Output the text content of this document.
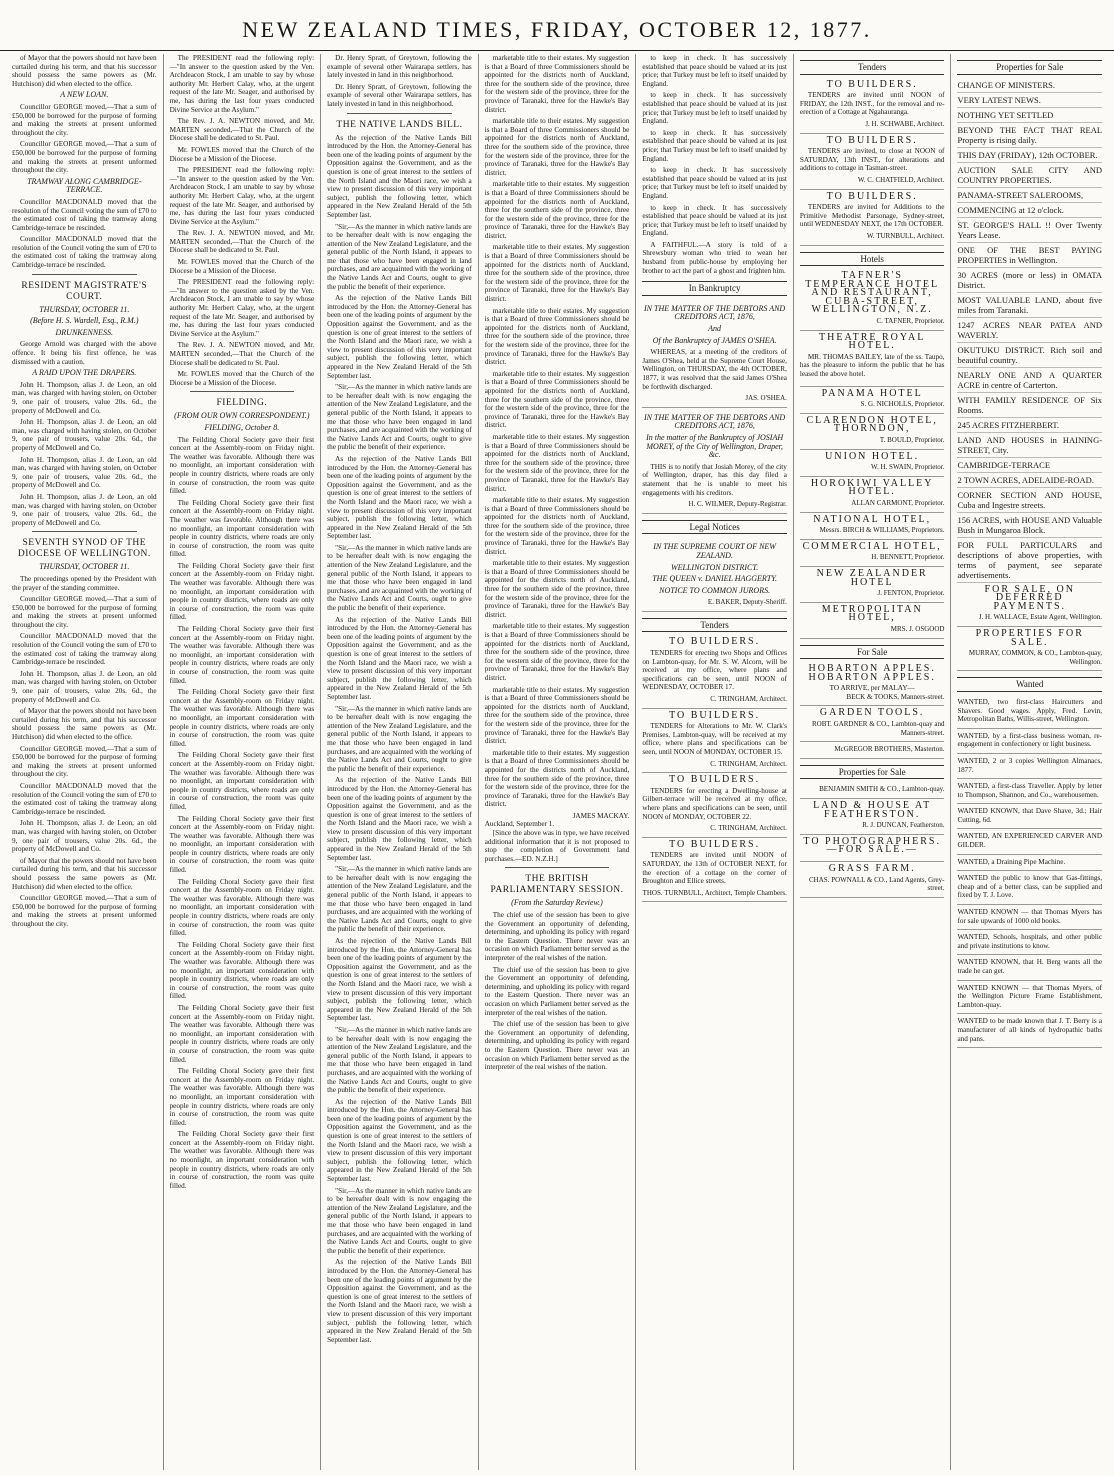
NEW ZEALAND TIMES, FRIDAY, OCTOBER 12, 1877.

of Mayor that the powers should not have been curtailed during his term, and that his successor should possess the same powers as (Mr. Hutchison) did when elected to the office.

A NEW LOAN.

Councillor GEORGE moved,—That a sum of £50,000 be borrowed for the purpose of forming and making the streets at present unformed throughout the city.

Councillor GEORGE moved,—That a sum of £50,000 be borrowed for the purpose of forming and making the streets at present unformed throughout the city.

TRAMWAY ALONG CAMBRIDGE-TERRACE.

Councillor MACDONALD moved that the resolution of the Council voting the sum of £70 to the estimated cost of taking the tramway along Cambridge-terrace be rescinded.

Councillor MACDONALD moved that the resolution of the Council voting the sum of £70 to the estimated cost of taking the tramway along Cambridge-terrace be rescinded.

RESIDENT MAGISTRATE'S COURT.
THURSDAY, OCTOBER 11.
(Before H. S. Wardell, Esq., R.M.)
DRUNKENNESS.

George Arnold was charged with the above offence. It being his first offence, he was dismissed with a caution.

A RAID UPON THE DRAPERS.

John H. Thompson, alias J. de Leon, an old man, was charged with having stolen, on October 9, one pair of trousers, value 20s. 6d., the property of McDowell and Co.

John H. Thompson, alias J. de Leon, an old man, was charged with having stolen, on October 9, one pair of trousers, value 20s. 6d., the property of McDowell and Co.

John H. Thompson, alias J. de Leon, an old man, was charged with having stolen, on October 9, one pair of trousers, value 20s. 6d., the property of McDowell and Co.

John H. Thompson, alias J. de Leon, an old man, was charged with having stolen, on October 9, one pair of trousers, value 20s. 6d., the property of McDowell and Co.

SEVENTH SYNOD OF THE DIOCESE OF WELLINGTON.
THURSDAY, OCTOBER 11.

The proceedings opened by the President with the prayer of the standing committee.

Councillor GEORGE moved,—That a sum of £50,000 be borrowed for the purpose of forming and making the streets at present unformed throughout the city.

Councillor MACDONALD moved that the resolution of the Council voting the sum of £70 to the estimated cost of taking the tramway along Cambridge-terrace be rescinded.

John H. Thompson, alias J. de Leon, an old man, was charged with having stolen, on October 9, one pair of trousers, value 20s. 6d., the property of McDowell and Co.

of Mayor that the powers should not have been curtailed during his term, and that his successor should possess the same powers as (Mr. Hutchison) did when elected to the office.

Councillor GEORGE moved,—That a sum of £50,000 be borrowed for the purpose of forming and making the streets at present unformed throughout the city.

Councillor MACDONALD moved that the resolution of the Council voting the sum of £70 to the estimated cost of taking the tramway along Cambridge-terrace be rescinded.

John H. Thompson, alias J. de Leon, an old man, was charged with having stolen, on October 9, one pair of trousers, value 20s. 6d., the property of McDowell and Co.

of Mayor that the powers should not have been curtailed during his term, and that his successor should possess the same powers as (Mr. Hutchison) did when elected to the office.

Councillor GEORGE moved,—That a sum of £50,000 be borrowed for the purpose of forming and making the streets at present unformed throughout the city.

The PRESIDENT read the following reply:—"In answer to the question asked by the Ven. Archdeacon Stock, I am unable to say by whose authority Mr. Herbert Calay, who, at the urgent request of the late Mr. Seager, and authorised by me, has during the last four years conducted Divine Service at the Asylum."

The Rev. J. A. NEWTON moved, and Mr. MARTEN seconded,—That the Church of the Diocese shall be dedicated to St. Paul.

Mr. FOWLES moved that the Church of the Diocese be a Mission of the Diocese.

The PRESIDENT read the following reply:—"In answer to the question asked by the Ven. Archdeacon Stock, I am unable to say by whose authority Mr. Herbert Calay, who, at the urgent request of the late Mr. Seager, and authorised by me, has during the last four years conducted Divine Service at the Asylum."

The Rev. J. A. NEWTON moved, and Mr. MARTEN seconded,—That the Church of the Diocese shall be dedicated to St. Paul.

Mr. FOWLES moved that the Church of the Diocese be a Mission of the Diocese.

The PRESIDENT read the following reply:—"In answer to the question asked by the Ven. Archdeacon Stock, I am unable to say by whose authority Mr. Herbert Calay, who, at the urgent request of the late Mr. Seager, and authorised by me, has during the last four years conducted Divine Service at the Asylum."

The Rev. J. A. NEWTON moved, and Mr. MARTEN seconded,—That the Church of the Diocese shall be dedicated to St. Paul.

Mr. FOWLES moved that the Church of the Diocese be a Mission of the Diocese.

FIELDING.
(FROM OUR OWN CORRESPONDENT.)
FIELDING, October 8.

The Feilding Choral Society gave their first concert at the Assembly-room on Friday night. The weather was favorable. Although there was no moonlight, an important consideration with people in country districts, where roads are only in course of construction, the room was quite filled.

The Feilding Choral Society gave their first concert at the Assembly-room on Friday night. The weather was favorable. Although there was no moonlight, an important consideration with people in country districts, where roads are only in course of construction, the room was quite filled.

The Feilding Choral Society gave their first concert at the Assembly-room on Friday night. The weather was favorable. Although there was no moonlight, an important consideration with people in country districts, where roads are only in course of construction, the room was quite filled.

The Feilding Choral Society gave their first concert at the Assembly-room on Friday night. The weather was favorable. Although there was no moonlight, an important consideration with people in country districts, where roads are only in course of construction, the room was quite filled.

The Feilding Choral Society gave their first concert at the Assembly-room on Friday night. The weather was favorable. Although there was no moonlight, an important consideration with people in country districts, where roads are only in course of construction, the room was quite filled.

The Feilding Choral Society gave their first concert at the Assembly-room on Friday night. The weather was favorable. Although there was no moonlight, an important consideration with people in country districts, where roads are only in course of construction, the room was quite filled.

The Feilding Choral Society gave their first concert at the Assembly-room on Friday night. The weather was favorable. Although there was no moonlight, an important consideration with people in country districts, where roads are only in course of construction, the room was quite filled.

The Feilding Choral Society gave their first concert at the Assembly-room on Friday night. The weather was favorable. Although there was no moonlight, an important consideration with people in country districts, where roads are only in course of construction, the room was quite filled.

The Feilding Choral Society gave their first concert at the Assembly-room on Friday night. The weather was favorable. Although there was no moonlight, an important consideration with people in country districts, where roads are only in course of construction, the room was quite filled.

The Feilding Choral Society gave their first concert at the Assembly-room on Friday night. The weather was favorable. Although there was no moonlight, an important consideration with people in country districts, where roads are only in course of construction, the room was quite filled.

The Feilding Choral Society gave their first concert at the Assembly-room on Friday night. The weather was favorable. Although there was no moonlight, an important consideration with people in country districts, where roads are only in course of construction, the room was quite filled.

The Feilding Choral Society gave their first concert at the Assembly-room on Friday night. The weather was favorable. Although there was no moonlight, an important consideration with people in country districts, where roads are only in course of construction, the room was quite filled.

Dr. Henry Spratt, of Greytown, following the example of several other Wairarapa settlers, has lately invested in land in this neighborhood.

Dr. Henry Spratt, of Greytown, following the example of several other Wairarapa settlers, has lately invested in land in this neighborhood.

THE NATIVE LANDS BILL.

As the rejection of the Native Lands Bill introduced by the Hon. the Attorney-General has been one of the leading points of argument by the Opposition against the Government, and as the question is one of great interest to the settlers of the North Island and the Maori race, we wish a view to present discussion of this very important subject, publish the following letter, which appeared in the New Zealand Herald of the 5th September last.

"Sir,—As the manner in which native lands are to be hereafter dealt with is now engaging the attention of the New Zealand Legislature, and the general public of the North Island, it appears to me that those who have been engaged in land purchases, and are acquainted with the working of the Native Lands Act and Courts, ought to give the public the benefit of their experience.

As the rejection of the Native Lands Bill introduced by the Hon. the Attorney-General has been one of the leading points of argument by the Opposition against the Government, and as the question is one of great interest to the settlers of the North Island and the Maori race, we wish a view to present discussion of this very important subject, publish the following letter, which appeared in the New Zealand Herald of the 5th September last.

"Sir,—As the manner in which native lands are to be hereafter dealt with is now engaging the attention of the New Zealand Legislature, and the general public of the North Island, it appears to me that those who have been engaged in land purchases, and are acquainted with the working of the Native Lands Act and Courts, ought to give the public the benefit of their experience.

As the rejection of the Native Lands Bill introduced by the Hon. the Attorney-General has been one of the leading points of argument by the Opposition against the Government, and as the question is one of great interest to the settlers of the North Island and the Maori race, we wish a view to present discussion of this very important subject, publish the following letter, which appeared in the New Zealand Herald of the 5th September last.

"Sir,—As the manner in which native lands are to be hereafter dealt with is now engaging the attention of the New Zealand Legislature, and the general public of the North Island, it appears to me that those who have been engaged in land purchases, and are acquainted with the working of the Native Lands Act and Courts, ought to give the public the benefit of their experience.

As the rejection of the Native Lands Bill introduced by the Hon. the Attorney-General has been one of the leading points of argument by the Opposition against the Government, and as the question is one of great interest to the settlers of the North Island and the Maori race, we wish a view to present discussion of this very important subject, publish the following letter, which appeared in the New Zealand Herald of the 5th September last.

"Sir,—As the manner in which native lands are to be hereafter dealt with is now engaging the attention of the New Zealand Legislature, and the general public of the North Island, it appears to me that those who have been engaged in land purchases, and are acquainted with the working of the Native Lands Act and Courts, ought to give the public the benefit of their experience.

As the rejection of the Native Lands Bill introduced by the Hon. the Attorney-General has been one of the leading points of argument by the Opposition against the Government, and as the question is one of great interest to the settlers of the North Island and the Maori race, we wish a view to present discussion of this very important subject, publish the following letter, which appeared in the New Zealand Herald of the 5th September last.

"Sir,—As the manner in which native lands are to be hereafter dealt with is now engaging the attention of the New Zealand Legislature, and the general public of the North Island, it appears to me that those who have been engaged in land purchases, and are acquainted with the working of the Native Lands Act and Courts, ought to give the public the benefit of their experience.

As the rejection of the Native Lands Bill introduced by the Hon. the Attorney-General has been one of the leading points of argument by the Opposition against the Government, and as the question is one of great interest to the settlers of the North Island and the Maori race, we wish a view to present discussion of this very important subject, publish the following letter, which appeared in the New Zealand Herald of the 5th September last.

"Sir,—As the manner in which native lands are to be hereafter dealt with is now engaging the attention of the New Zealand Legislature, and the general public of the North Island, it appears to me that those who have been engaged in land purchases, and are acquainted with the working of the Native Lands Act and Courts, ought to give the public the benefit of their experience.

As the rejection of the Native Lands Bill introduced by the Hon. the Attorney-General has been one of the leading points of argument by the Opposition against the Government, and as the question is one of great interest to the settlers of the North Island and the Maori race, we wish a view to present discussion of this very important subject, publish the following letter, which appeared in the New Zealand Herald of the 5th September last.

"Sir,—As the manner in which native lands are to be hereafter dealt with is now engaging the attention of the New Zealand Legislature, and the general public of the North Island, it appears to me that those who have been engaged in land purchases, and are acquainted with the working of the Native Lands Act and Courts, ought to give the public the benefit of their experience.

As the rejection of the Native Lands Bill introduced by the Hon. the Attorney-General has been one of the leading points of argument by the Opposition against the Government, and as the question is one of great interest to the settlers of the North Island and the Maori race, we wish a view to present discussion of this very important subject, publish the following letter, which appeared in the New Zealand Herald of the 5th September last.

marketable title to their estates. My suggestion is that a Board of three Commissioners should be appointed for the districts north of Auckland, three for the southern side of the province, three for the western side of the province, three for the province of Taranaki, three for the Hawke's Bay district.

marketable title to their estates. My suggestion is that a Board of three Commissioners should be appointed for the districts north of Auckland, three for the southern side of the province, three for the western side of the province, three for the province of Taranaki, three for the Hawke's Bay district.

marketable title to their estates. My suggestion is that a Board of three Commissioners should be appointed for the districts north of Auckland, three for the southern side of the province, three for the western side of the province, three for the province of Taranaki, three for the Hawke's Bay district.

marketable title to their estates. My suggestion is that a Board of three Commissioners should be appointed for the districts north of Auckland, three for the southern side of the province, three for the western side of the province, three for the province of Taranaki, three for the Hawke's Bay district.

marketable title to their estates. My suggestion is that a Board of three Commissioners should be appointed for the districts north of Auckland, three for the southern side of the province, three for the western side of the province, three for the province of Taranaki, three for the Hawke's Bay district.

marketable title to their estates. My suggestion is that a Board of three Commissioners should be appointed for the districts north of Auckland, three for the southern side of the province, three for the western side of the province, three for the province of Taranaki, three for the Hawke's Bay district.

marketable title to their estates. My suggestion is that a Board of three Commissioners should be appointed for the districts north of Auckland, three for the southern side of the province, three for the western side of the province, three for the province of Taranaki, three for the Hawke's Bay district.

marketable title to their estates. My suggestion is that a Board of three Commissioners should be appointed for the districts north of Auckland, three for the southern side of the province, three for the western side of the province, three for the province of Taranaki, three for the Hawke's Bay district.

marketable title to their estates. My suggestion is that a Board of three Commissioners should be appointed for the districts north of Auckland, three for the southern side of the province, three for the western side of the province, three for the province of Taranaki, three for the Hawke's Bay district.

marketable title to their estates. My suggestion is that a Board of three Commissioners should be appointed for the districts north of Auckland, three for the southern side of the province, three for the western side of the province, three for the province of Taranaki, three for the Hawke's Bay district.

marketable title to their estates. My suggestion is that a Board of three Commissioners should be appointed for the districts north of Auckland, three for the southern side of the province, three for the western side of the province, three for the province of Taranaki, three for the Hawke's Bay district.

marketable title to their estates. My suggestion is that a Board of three Commissioners should be appointed for the districts north of Auckland, three for the southern side of the province, three for the western side of the province, three for the province of Taranaki, three for the Hawke's Bay district.

JAMES MACKAY.
Auckland, September 1.

[Since the above was in type, we have received additional information that it is not proposed to stop the completion of Government land purchases.—ED. N.Z.H.]

THE BRITISH PARLIAMENTARY SESSION.
(From the Saturday Review.)

The chief use of the session has been to give the Government an opportunity of defending, determining, and upholding its policy with regard to the Eastern Question. There never was an occasion on which Parliament better served as the interpreter of the real wishes of the nation.

The chief use of the session has been to give the Government an opportunity of defending, determining, and upholding its policy with regard to the Eastern Question. There never was an occasion on which Parliament better served as the interpreter of the real wishes of the nation.

The chief use of the session has been to give the Government an opportunity of defending, determining, and upholding its policy with regard to the Eastern Question. There never was an occasion on which Parliament better served as the interpreter of the real wishes of the nation.

to keep in check. It has successively established that peace should be valued at its just price; that Turkey must be left to itself unaided by England.

to keep in check. It has successively established that peace should be valued at its just price; that Turkey must be left to itself unaided by England.

to keep in check. It has successively established that peace should be valued at its just price; that Turkey must be left to itself unaided by England.

to keep in check. It has successively established that peace should be valued at its just price; that Turkey must be left to itself unaided by England.

to keep in check. It has successively established that peace should be valued at its just price; that Turkey must be left to itself unaided by England.

A FAITHFUL.—A story is told of a Shrewsbury woman who tried to wean her husband from public-house by employing her brother to act the part of a ghost and frighten him.

In Bankruptcy
IN THE MATTER OF THE DEBTORS AND CREDITORS ACT, 1876,
And
Of the Bankruptcy of JAMES O'SHEA.

WHEREAS, at a meeting of the creditors of James O'Shea, held at the Supreme Court House, Wellington, on THURSDAY, the 4th OCTOBER, 1877, it was resolved that the said James O'Shea be forthwith discharged.

JAS. O'SHEA.
IN THE MATTER OF THE DEBTORS AND CREDITORS ACT, 1876,
In the matter of the Bankruptcy of JOSIAH MOREY, of the City of Wellington, Draper, &c.

THIS is to notify that Josiah Morey, of the city of Wellington, draper, has this day filed a statement that he is unable to meet his engagements with his creditors.

H. C. WILMER, Deputy-Registrar.
Legal Notices
IN THE SUPREME COURT OF NEW ZEALAND.
WELLINGTON DISTRICT.
THE QUEEN v. DANIEL HAGGERTY.
NOTICE TO COMMON JURORS.
E. BAKER, Deputy-Sheriff.
Tenders
TO BUILDERS.

TENDERS for erecting two Shops and Offices on Lambton-quay, for Mr. S. W. Alcorn, will be received at my office, where plans and specifications can be seen, until NOON of WEDNESDAY, OCTOBER 17.

C. TRINGHAM, Architect.
TO BUILDERS.

TENDERS for Alterations to Mr. W. Clark's Premises, Lambton-quay, will be received at my office, where plans and specifications can be seen, until NOON of MONDAY, OCTOBER 15.

C. TRINGHAM, Architect.
TO BUILDERS.

TENDERS for erecting a Dwelling-house at Gilbert-terrace will be received at my office, where plans and specifications can be seen, until NOON of MONDAY, OCTOBER 22.

C. TRINGHAM, Architect.
TO BUILDERS.

TENDERS are invited until NOON of SATURDAY, the 13th of OCTOBER NEXT, for the erection of a cottage on the corner of Broughton and Ellice streets.

THOS. TURNBULL, Architect, Temple Chambers.
Tenders
TO BUILDERS.

TENDERS are invited until NOON of FRIDAY, the 12th INST., for the removal and re-erection of a Cottage at Ngahauranga.

J. H. SCHWABE, Architect.
TO BUILDERS.

TENDERS are invited, to close at NOON of SATURDAY, 13th INST., for alterations and additions to cottage in Tasman-street.

W. C. CHATFIELD, Architect.
TO BUILDERS.

TENDERS are invited for Additions to the Primitive Methodist Parsonage, Sydney-street, until WEDNESDAY NEXT, the 17th OCTOBER.

W. TURNBULL, Architect.
Hotels
TAFNER'S TEMPERANCE HOTEL AND RESTAURANT, CUBA-STREET, WELLINGTON, N.Z.
C. TAFNER, Proprietor.
THEATRE ROYAL HOTEL.

MR. THOMAS BAILEY, late of the ss. Taupo, has the pleasure to inform the public that he has leased the above hotel.

PANAMA HOTEL
S. G. NICHOLLS, Proprietor.
CLARENDON HOTEL, THORNDON,
T. BOULD, Proprietor.
UNION HOTEL.
W. H. SWAIN, Proprietor.
HOROKIWI VALLEY HOTEL.
ALLAN CARMONT, Proprietor.
NATIONAL HOTEL,
Messrs. BIRCH & WILLIAMS, Proprietors.
COMMERCIAL HOTEL,
H. BENNETT, Proprietor.
NEW ZEALANDER HOTEL
J. FENTON, Proprietor.
METROPOLITAN HOTEL,
MRS. J. OSGOOD
For Sale
HOBARTON APPLES. HOBARTON APPLES.
TO ARRIVE, per MALAY—
BECK & TOOKS, Manners-street.
GARDEN TOOLS.
ROBT. GARDNER & CO., Lambton-quay and Manners-street.
McGREGOR BROTHERS, Masterton.
Properties for Sale
BENJAMIN SMITH & CO., Lambton-quay.
LAND & HOUSE AT FEATHERSTON.
R. J. DUNCAN, Featherston.
TO PHOTOGRAPHERS.—FOR SALE.—
GRASS FARM.
CHAS. POWNALL & CO., Land Agents, Grey-street.
Properties for Sale
CHANGE OF MINISTERS.
VERY LATEST NEWS.
NOTHING YET SETTLED
BEYOND THE FACT THAT REAL Property is rising daily.
THIS DAY (FRIDAY), 12th OCTOBER.
AUCTION SALE CITY AND COUNTRY PROPERTIES.
PANAMA-STREET SALEROOMS,
COMMENCING at 12 o'clock.
ST. GEORGE'S HALL !! Over Twenty Years Lease.
ONE OF THE BEST PAYING PROPERTIES in Wellington.
30 ACRES (more or less) in OMATA District.
MOST VALUABLE LAND, about five miles from Taranaki.
1247 ACRES NEAR PATEA AND WAVERLY.
OKUTUKU DISTRICT. Rich soil and beautiful country.
NEARLY ONE AND A QUARTER ACRE in centre of Carterton.
WITH FAMILY RESIDENCE OF Six Rooms.
245 ACRES FITZHERBERT.
LAND AND HOUSES in HAINING-STREET, City.
CAMBRIDGE-TERRACE
2 TOWN ACRES, ADELAIDE-ROAD.
CORNER SECTION AND HOUSE, Cuba and Ingestre streets.
156 ACRES, with HOUSE AND Valuable Bush in Mungaroa Block.
FOR FULL PARTICULARS and descriptions of above properties, with terms of payment, see separate advertisements.
FOR SALE, ON DEFERRED PAYMENTS.
J. H. WALLACE, Estate Agent, Wellington.
PROPERTIES FOR SALE.
MURRAY, COMMON, & CO., Lambton-quay, Wellington.
Wanted
WANTED, two first-class Haircutters and Shavers. Good wages. Apply, Fred. Levin, Metropolitan Baths, Willis-street, Wellington.
WANTED, by a first-class business woman, re-engagement in confectionery or light business.
WANTED, 2 or 3 copies Wellington Almanacs, 1877.
WANTED, a first-class Traveller. Apply by letter to Thompson, Shannon, and Co., warehousemen.
WANTED KNOWN, that Dave Shave, 3d.; Hair Cutting, 6d.
WANTED, AN EXPERIENCED CARVER AND GILDER.
WANTED, a Draining Pipe Machine.
WANTED the public to know that Gas-fittings, cheap and of a better class, can be supplied and fixed by T. J. Love.
WANTED KNOWN — that Thomas Myers has for sale upwards of 1000 old books.
WANTED, Schools, hospitals, and other public and private institutions to know.
WANTED KNOWN, that H. Berg wants all the trade he can get.
WANTED KNOWN — that Thomas Myers, of the Wellington Picture Frame Establishment, Lambton-quay.
WANTED to be made known that J. T. Berry is a manufacturer of all kinds of hydropathic baths and pans.
